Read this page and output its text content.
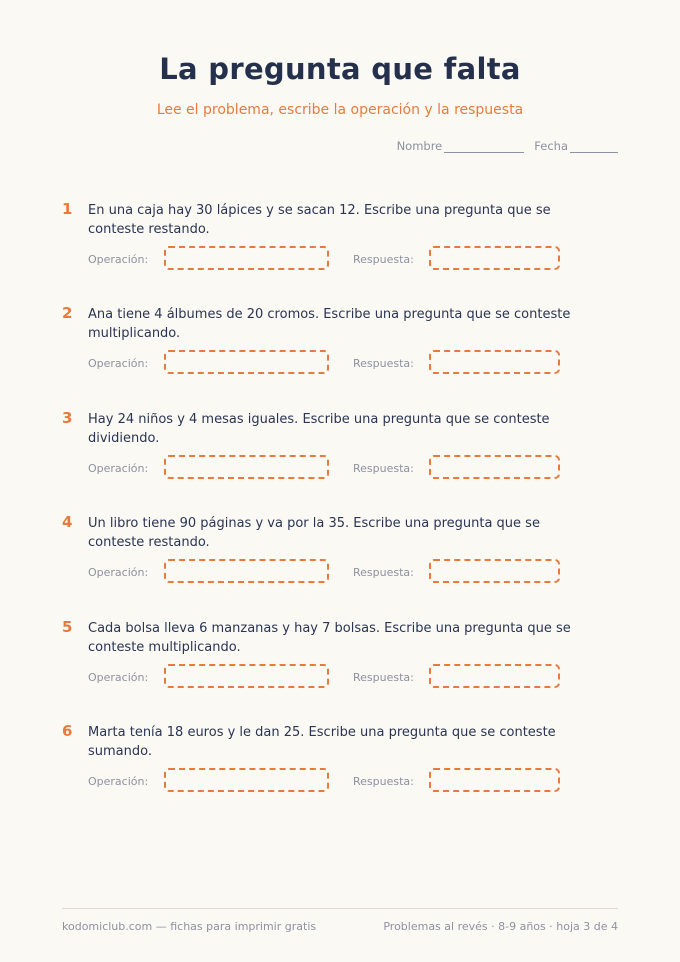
La pregunta que falta
Lee el problema, escribe la operación y la respuesta
Nombre	Fecha
1 En una caja hay 30 lápices y se sacan 12. Escribe una pregunta que se conteste restando.
Operación:	Respuesta:
2 Ana tiene 4 álbumes de 20 cromos. Escribe una pregunta que se conteste multiplicando.
Operación:	Respuesta:
3 Hay 24 niños y 4 mesas iguales. Escribe una pregunta que se conteste dividiendo.
Operación:	Respuesta:
4 Un libro tiene 90 páginas y va por la 35. Escribe una pregunta que se conteste restando.
Operación:	Respuesta:
5 Cada bolsa lleva 6 manzanas y hay 7 bolsas. Escribe una pregunta que se conteste multiplicando.
Operación:	Respuesta:
6 Marta tenía 18 euros y le dan 25. Escribe una pregunta que se conteste sumando.
Operación:	Respuesta:
kodomiclub.com — fichas para imprimir gratis	Problemas al revés · 8-9 años · hoja 3 de 4
